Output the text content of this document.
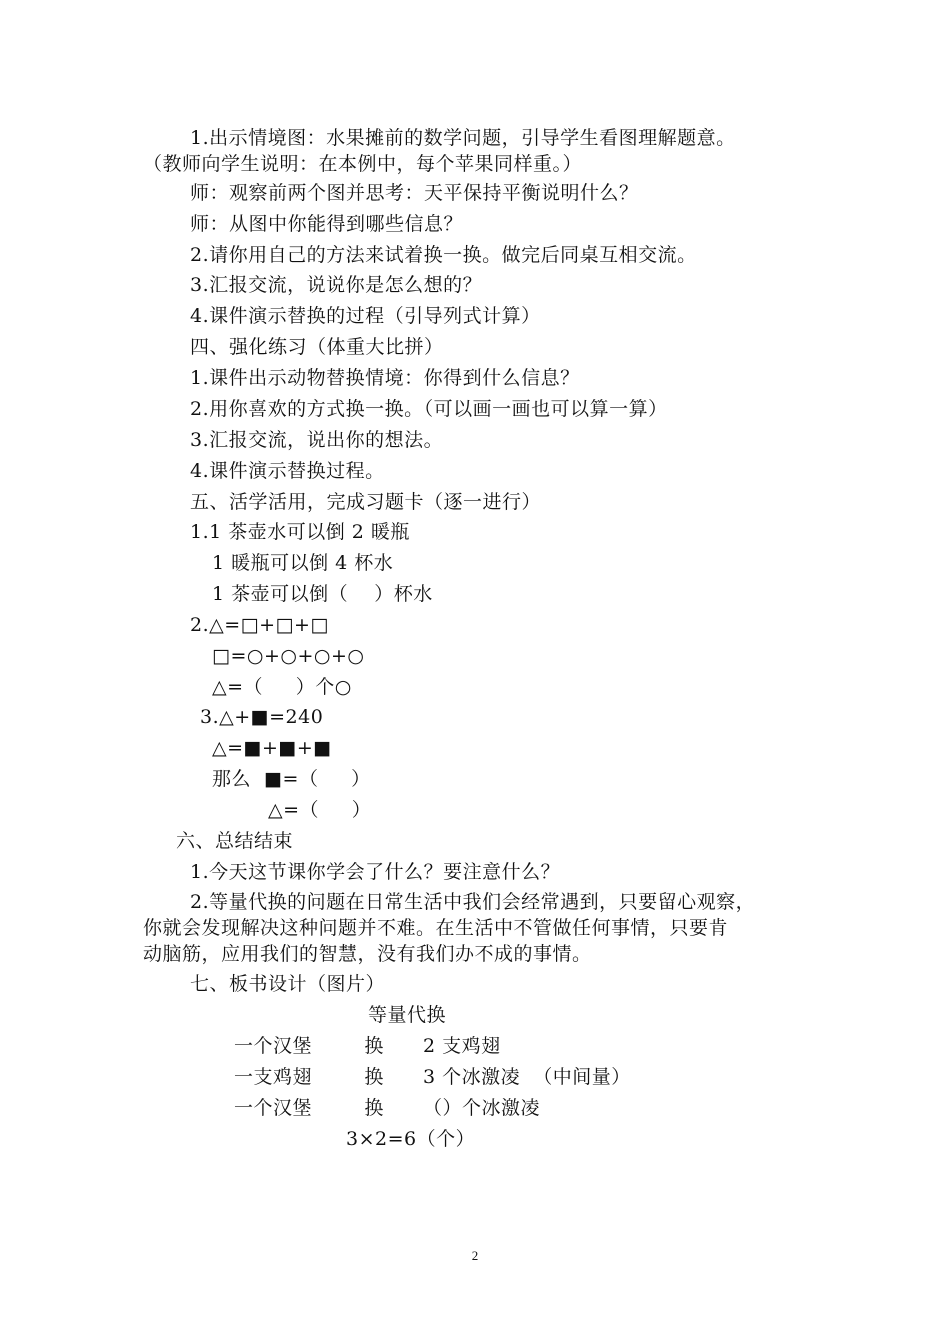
1.出示情境图：水果摊前的数学问题，引导学生看图理解题意。
（教师向学生说明：在本例中，每个苹果同样重。）
师：观察前两个图并思考：天平保持平衡说明什么？
师：从图中你能得到哪些信息？
2.请你用自己的方法来试着换一换。做完后同桌互相交流。
3.汇报交流，说说你是怎么想的？
4.课件演示替换的过程（引导列式计算）
四、强化练习（体重大比拼）
1.课件出示动物替换情境：你得到什么信息？
2.用你喜欢的方式换一换。（可以画一画也可以算一算）
3.汇报交流，说出你的想法。
4.课件演示替换过程。
五、活学活用，完成习题卡（逐一进行）
1.1 茶壶水可以倒 2 暖瓶
1 暖瓶可以倒 4 杯水
1 茶壶可以倒（    ）杯水
2.△=□+□+□
□=○+○+○+○
△=（     ）个○
3.△+■=240
△=■+■+■
那么  ■=（     ）
△=（     ）
六、总结结束
1.今天这节课你学会了什么？要注意什么？
2.等量代换的问题在日常生活中我们会经常遇到，只要留心观察，
你就会发现解决这种问题并不难。在生活中不管做任何事情，只要肯
动脑筋，应用我们的智慧，没有我们办不成的事情。
七、板书设计（图片）
等量代换
一个汉堡        换      2 支鸡翅
一支鸡翅        换      3 个冰激凌  （中间量）
一个汉堡        换      （）个冰激凌
3×2=6（个）
2
